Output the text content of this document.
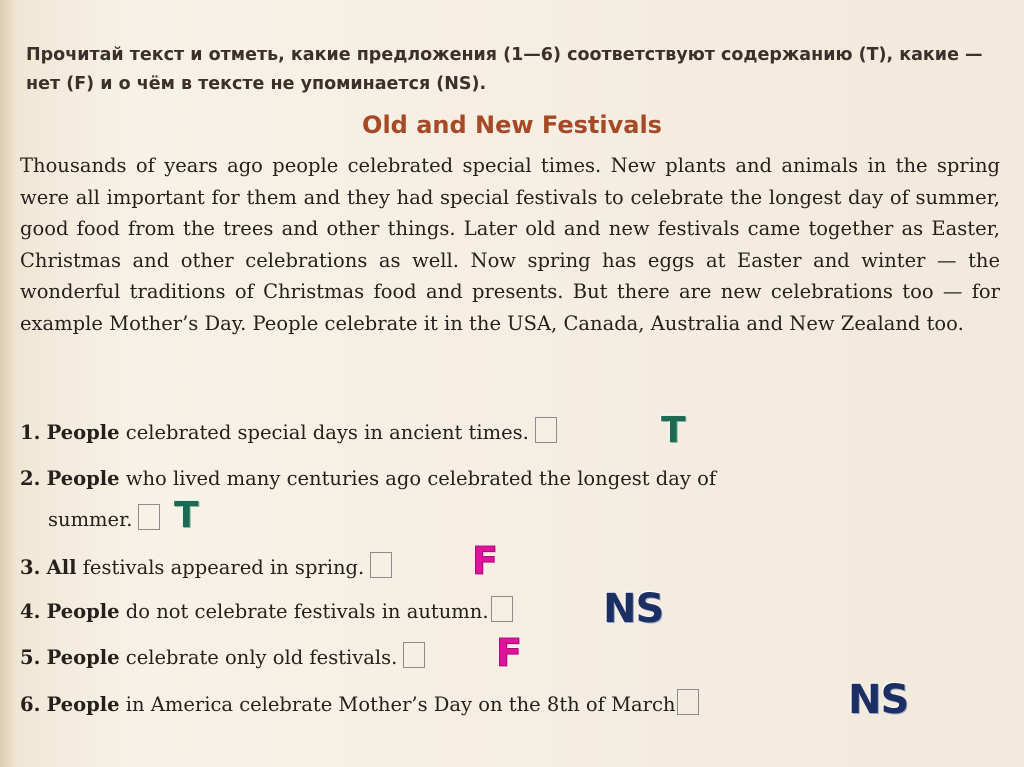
Прочитай текст и отметь, какие предложения (1—6) соответствуют содержанию (Т), какие — нет (F) и о чём в тексте не упоминается (NS).
Old and New Festivals
Thousands of years ago people celebrated special times. New plants and animals in the spring were all important for them and they had special festivals to celebrate the longest day of summer, good food from the trees and other things. Later old and new festivals came together as Easter, Christmas and other celebrations as well. Now spring has eggs at Easter and winter — the wonderful traditions of Christmas food and presents. But there are new celebrations too — for example Mother’s Day. People celebrate it in the USA, Canada, Australia and New Zealand too.
1. People celebrated special days in ancient times.	T
2. People who lived many centuries ago celebrated the longest day of
summer.	T
3. All festivals appeared in spring.	F
4. People do not celebrate festivals in autumn.	NS
5. People celebrate only old festivals.	F
6. People in America celebrate Mother’s Day on the 8th of March	NS
